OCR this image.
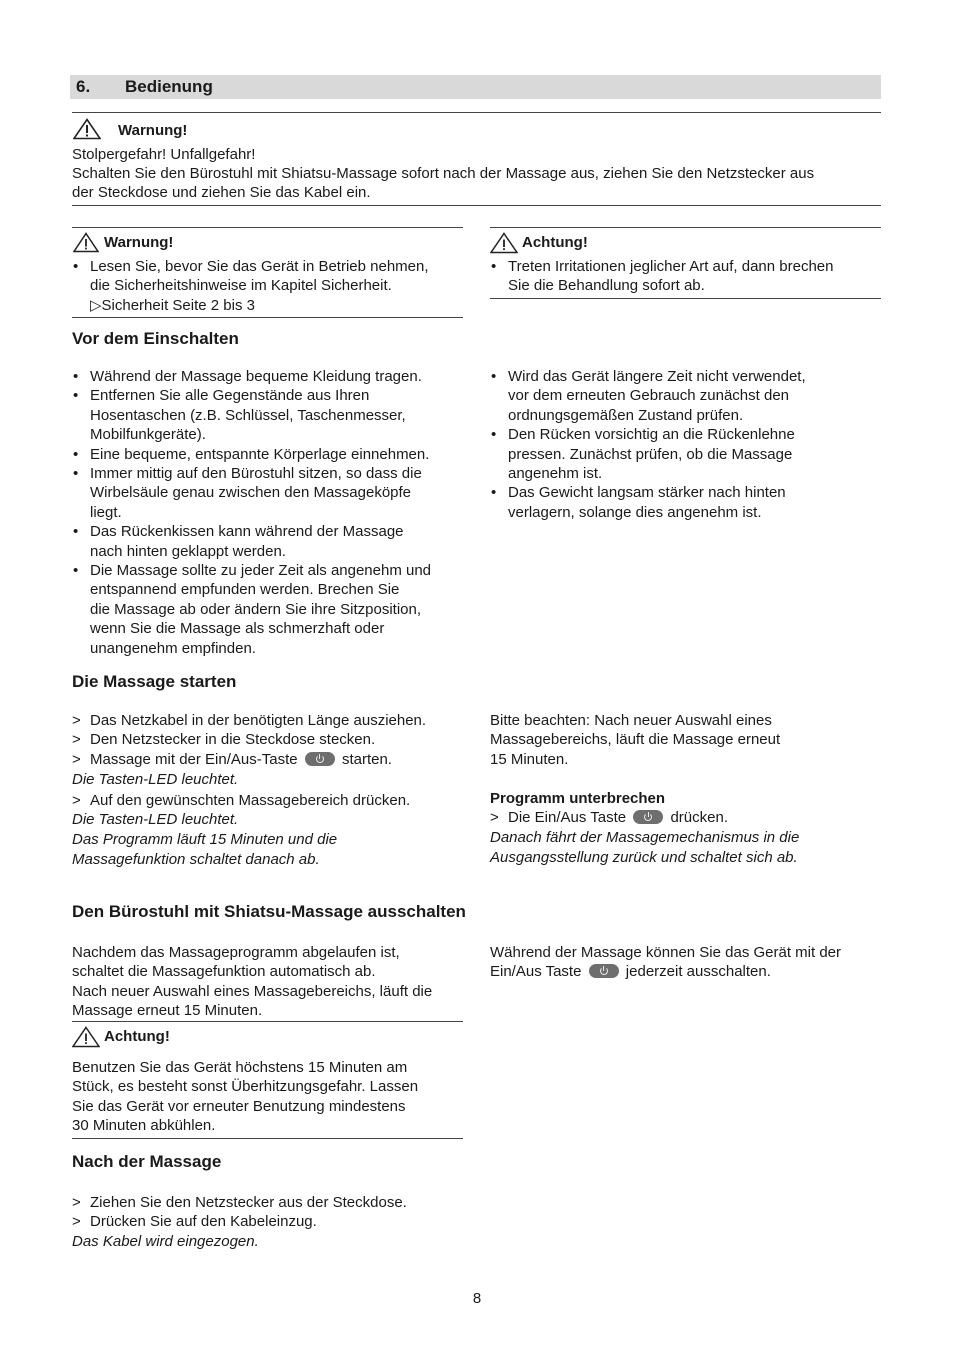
6. Bedienung
Warnung!
Stolpergefahr! Unfallgefahr!
Schalten Sie den Bürostuhl mit Shiatsu-Massage sofort nach der Massage aus, ziehen Sie den Netzstecker aus
der Steckdose und ziehen Sie das Kabel ein.
Warnung!
• Lesen Sie, bevor Sie das Gerät in Betrieb nehmen,
die Sicherheitshinweise im Kapitel Sicherheit.
▷Sicherheit Seite 2 bis 3
Achtung!
• Treten Irritationen jeglicher Art auf, dann brechen
Sie die Behandlung sofort ab.
Vor dem Einschalten
• Während der Massage bequeme Kleidung tragen.
• Entfernen Sie alle Gegenstände aus Ihren
Hosentaschen (z.B. Schlüssel, Taschenmesser,
Mobilfunkgeräte).
• Eine bequeme, entspannte Körperlage einnehmen.
• Immer mittig auf den Bürostuhl sitzen, so dass die
Wirbelsäule genau zwischen den Massageköpfe
liegt.
• Das Rückenkissen kann während der Massage
nach hinten geklappt werden.
• Die Massage sollte zu jeder Zeit als angenehm und
entspannend empfunden werden. Brechen Sie
die Massage ab oder ändern Sie ihre Sitzposition,
wenn Sie die Massage als schmerzhaft oder
unangenehm empfinden.
• Wird das Gerät längere Zeit nicht verwendet,
vor dem erneuten Gebrauch zunächst den
ordnungsgemäßen Zustand prüfen.
• Den Rücken vorsichtig an die Rückenlehne
pressen. Zunächst prüfen, ob die Massage
angenehm ist.
• Das Gewicht langsam stärker nach hinten
verlagern, solange dies angenehm ist.
Die Massage starten
> Das Netzkabel in der benötigten Länge ausziehen.
> Den Netzstecker in die Steckdose stecken.
> Massage mit der Ein/Aus-Taste	starten.
Die Tasten-LED leuchtet.
> Auf den gewünschten Massagebereich drücken.
Die Tasten-LED leuchtet.
Das Programm läuft 15 Minuten und die
Massagefunktion schaltet danach ab.
Bitte beachten: Nach neuer Auswahl eines
Massagebereichs, läuft die Massage erneut
15 Minuten.
Programm unterbrechen
> Die Ein/Aus Taste	drücken.
Danach fährt der Massagemechanismus in die
Ausgangsstellung zurück und schaltet sich ab.
Den Bürostuhl mit Shiatsu-Massage ausschalten
Nachdem das Massageprogramm abgelaufen ist,
schaltet die Massagefunktion automatisch ab.
Nach neuer Auswahl eines Massagebereichs, läuft die
Massage erneut 15 Minuten.
Während der Massage können Sie das Gerät mit der
Ein/Aus Taste	jederzeit ausschalten.
Achtung!
Benutzen Sie das Gerät höchstens 15 Minuten am
Stück, es besteht sonst Überhitzungsgefahr. Lassen
Sie das Gerät vor erneuter Benutzung mindestens
30 Minuten abkühlen.
Nach der Massage
> Ziehen Sie den Netzstecker aus der Steckdose.
> Drücken Sie auf den Kabeleinzug.
Das Kabel wird eingezogen.
8
